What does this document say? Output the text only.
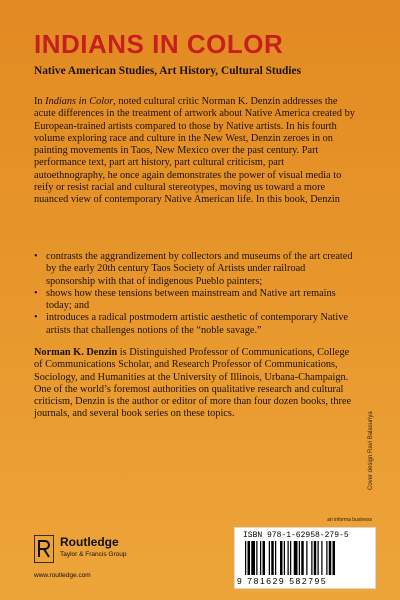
INDIANS IN COLOR
Native American Studies, Art History, Cultural Studies

In Indians in Color, noted cultural critic Norman K. Denzin addresses the acute differences in the treatment of artwork about Native America created by European-trained artists compared to those by Native artists. In his fourth volume exploring race and culture in the New West, Denzin zeroes in on painting movements in Taos, New Mexico over the past century. Part performance text, part art history, part cultural criticism, part autoethnography, he once again demonstrates the power of visual media to reify or resist racial and cultural stereotypes, moving us toward a more nuanced view of contemporary Native American life. In this book, Denzin

• contrasts the aggrandizement by collectors and museums of the art created by the early 20th century Taos Society of Artists under railroad sponsorship with that of indigenous Pueblo painters;
• shows how these tensions between mainstream and Native art remains today; and
• introduces a radical postmodern artistic aesthetic of contemporary Native artists that challenges notions of the “noble savage.”

Norman K. Denzin is Distinguished Professor of Communications, College of Communications Scholar, and Research Professor of Communications, Sociology, and Humanities at the University of Illinois, Urbana-Champaign. One of the world’s foremost authorities on qualitative research and cultural criticism, Denzin is the author or editor of more than four dozen books, three journals, and several book series on these topics.	Cover design Ravi Balasuriya
Routledge
Taylor & Francis Group
www.routledge.com
an informa business
ISBN 978-1-62958-279-5
9 781629 582795
